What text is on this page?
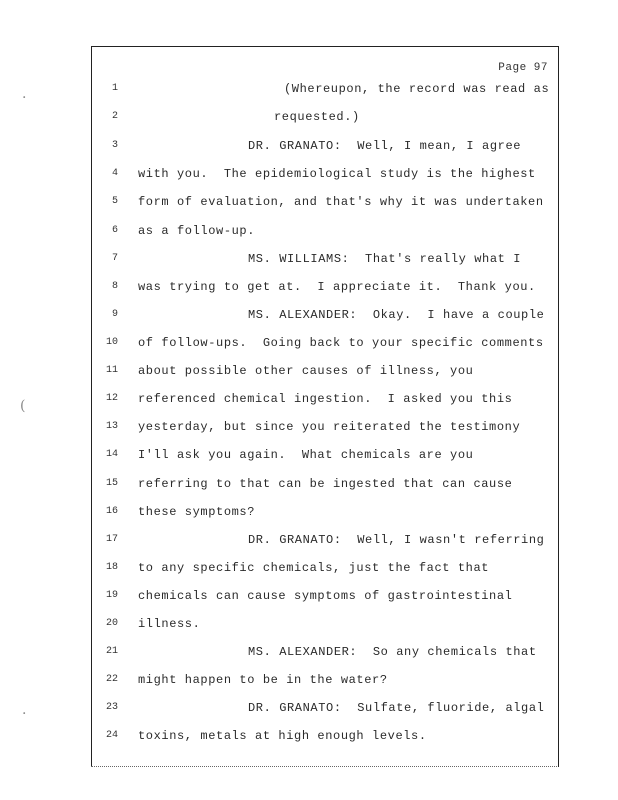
Page 97
·
(
·
1	(Whereupon, the record was read as
2	requested.)
3	DR. GRANATO:  Well, I mean, I agree
4 with you.  The epidemiological study is the highest
5 form of evaluation, and that's why it was undertaken
6 as a follow-up.
7	MS. WILLIAMS:  That's really what I
8 was trying to get at.  I appreciate it.  Thank you.
9	MS. ALEXANDER:  Okay.  I have a couple
10 of follow-ups.  Going back to your specific comments
11 about possible other causes of illness, you
12 referenced chemical ingestion.  I asked you this
13 yesterday, but since you reiterated the testimony
14 I'll ask you again.  What chemicals are you
15 referring to that can be ingested that can cause
16 these symptoms?
17	DR. GRANATO:  Well, I wasn't referring
18 to any specific chemicals, just the fact that
19 chemicals can cause symptoms of gastrointestinal
20 illness.
21	MS. ALEXANDER:  So any chemicals that
22 might happen to be in the water?
23	DR. GRANATO:  Sulfate, fluoride, algal
24 toxins, metals at high enough levels.
